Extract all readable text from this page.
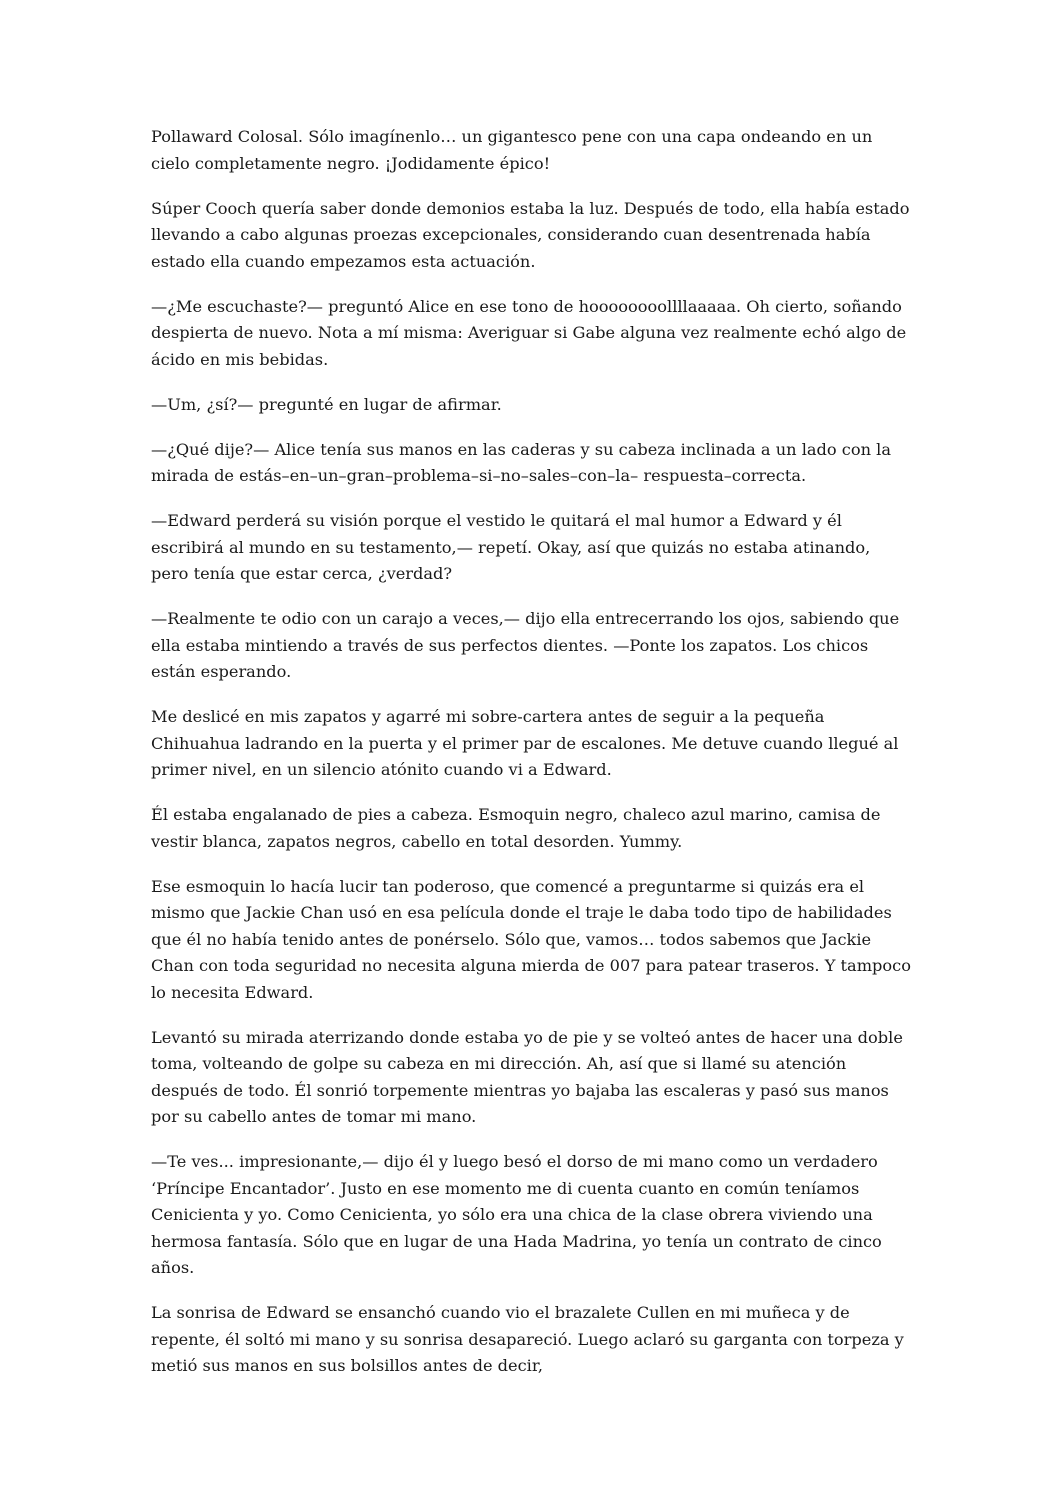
Pollaward Colosal. Sólo imagínenlo… un gigantesco pene con una capa ondeando en un cielo completamente negro. ¡Jodidamente épico!

Súper Cooch quería saber donde demonios estaba la luz. Después de todo, ella había estado llevando a cabo algunas proezas excepcionales, considerando cuan desentrenada había estado ella cuando empezamos esta actuación.

—¿Me escuchaste?— preguntó Alice en ese tono de hoooooooollllaaaaa. Oh cierto, soñando despierta de nuevo. Nota a mí misma: Averiguar si Gabe alguna vez realmente echó algo de ácido en mis bebidas.

—Um, ¿sí?— pregunté en lugar de afirmar.

—¿Qué dije?— Alice tenía sus manos en las caderas y su cabeza inclinada a un lado con la mirada de estás–en–un–gran–problema–si–no–sales–con–la– respuesta–correcta.

—Edward perderá su visión porque el vestido le quitará el mal humor a Edward y él escribirá al mundo en su testamento,— repetí. Okay, así que quizás no estaba atinando, pero tenía que estar cerca, ¿verdad?

—Realmente te odio con un carajo a veces,— dijo ella entrecerrando los ojos, sabiendo que ella estaba mintiendo a través de sus perfectos dientes. —Ponte los zapatos. Los chicos están esperando.

Me deslicé en mis zapatos y agarré mi sobre-cartera antes de seguir a la pequeña Chihuahua ladrando en la puerta y el primer par de escalones. Me detuve cuando llegué al primer nivel, en un silencio atónito cuando vi a Edward.

Él estaba engalanado de pies a cabeza. Esmoquin negro, chaleco azul marino, camisa de vestir blanca, zapatos negros, cabello en total desorden. Yummy.

Ese esmoquin lo hacía lucir tan poderoso, que comencé a preguntarme si quizás era el mismo que Jackie Chan usó en esa película donde el traje le daba todo tipo de habilidades que él no había tenido antes de ponérselo. Sólo que, vamos… todos sabemos que Jackie Chan con toda seguridad no necesita alguna mierda de 007 para patear traseros. Y tampoco lo necesita Edward.

Levantó su mirada aterrizando donde estaba yo de pie y se volteó antes de hacer una doble toma, volteando de golpe su cabeza en mi dirección. Ah, así que si llamé su atención después de todo. Él sonrió torpemente mientras yo bajaba las escaleras y pasó sus manos por su cabello antes de tomar mi mano.

—Te ves... impresionante,— dijo él y luego besó el dorso de mi mano como un verdadero ‘Príncipe Encantador’. Justo en ese momento me di cuenta cuanto en común teníamos Cenicienta y yo. Como Cenicienta, yo sólo era una chica de la clase obrera viviendo una hermosa fantasía. Sólo que en lugar de una Hada Madrina, yo tenía un contrato de cinco años.

La sonrisa de Edward se ensanchó cuando vio el brazalete Cullen en mi muñeca y de repente, él soltó mi mano y su sonrisa desapareció. Luego aclaró su garganta con torpeza y metió sus manos en sus bolsillos antes de decir,
